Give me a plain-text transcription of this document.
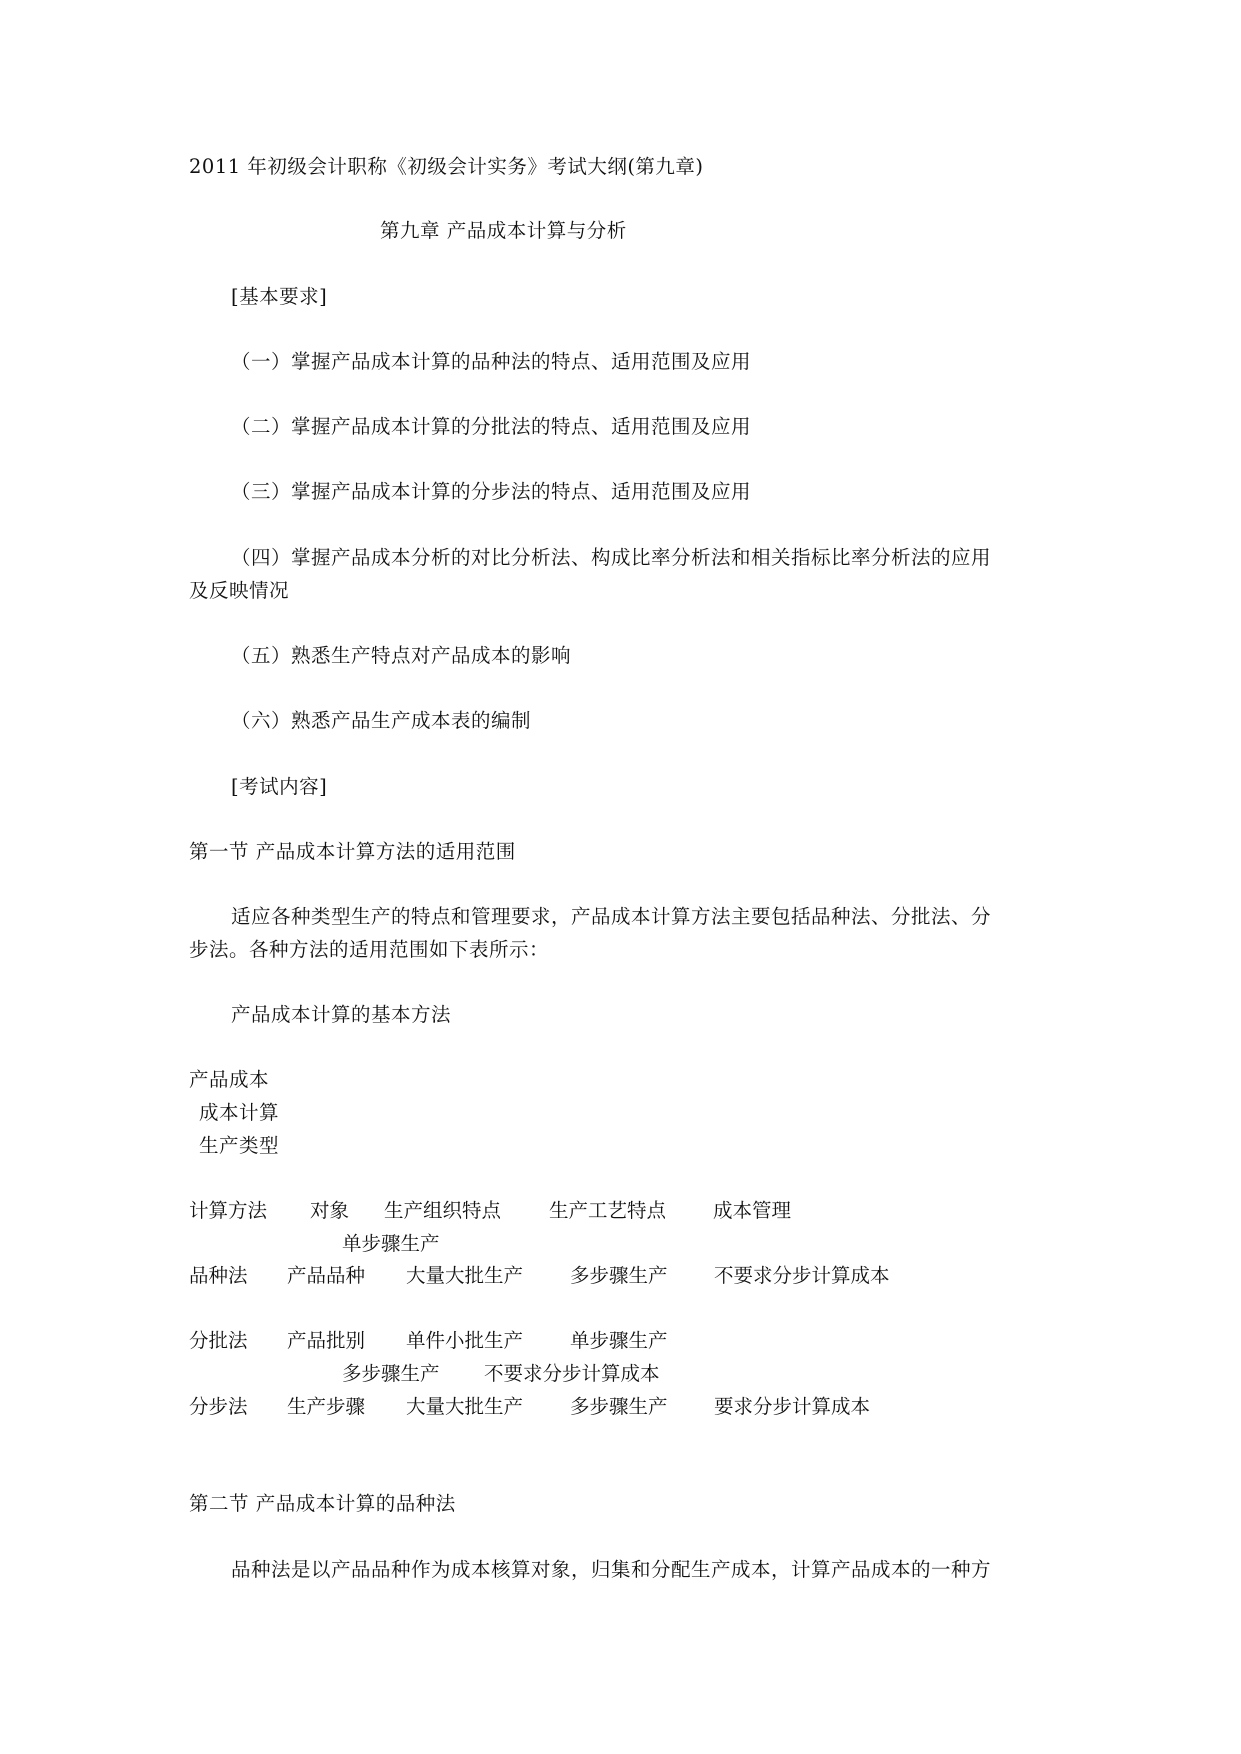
2011 年初级会计职称《初级会计实务》考试大纲(第九章)
第九章 产品成本计算与分析
[基本要求]
（一）掌握产品成本计算的品种法的特点、适用范围及应用
（二）掌握产品成本计算的分批法的特点、适用范围及应用
（三）掌握产品成本计算的分步法的特点、适用范围及应用
（四）掌握产品成本分析的对比分析法、构成比率分析法和相关指标比率分析法的应用
及反映情况
（五）熟悉生产特点对产品成本的影响
（六）熟悉产品生产成本表的编制
[考试内容]
第一节 产品成本计算方法的适用范围
适应各种类型生产的特点和管理要求，产品成本计算方法主要包括品种法、分批法、分
步法。各种方法的适用范围如下表所示：
产品成本计算的基本方法
产品成本
成本计算
生产类型
计算方法 对象 生产组织特点 生产工艺特点 成本管理
单步骤生产
品种法 产品品种 大量大批生产 多步骤生产 不要求分步计算成本
分批法 产品批别 单件小批生产 单步骤生产
多步骤生产 不要求分步计算成本
分步法 生产步骤 大量大批生产 多步骤生产 要求分步计算成本
第二节 产品成本计算的品种法
品种法是以产品品种作为成本核算对象，归集和分配生产成本，计算产品成本的一种方
